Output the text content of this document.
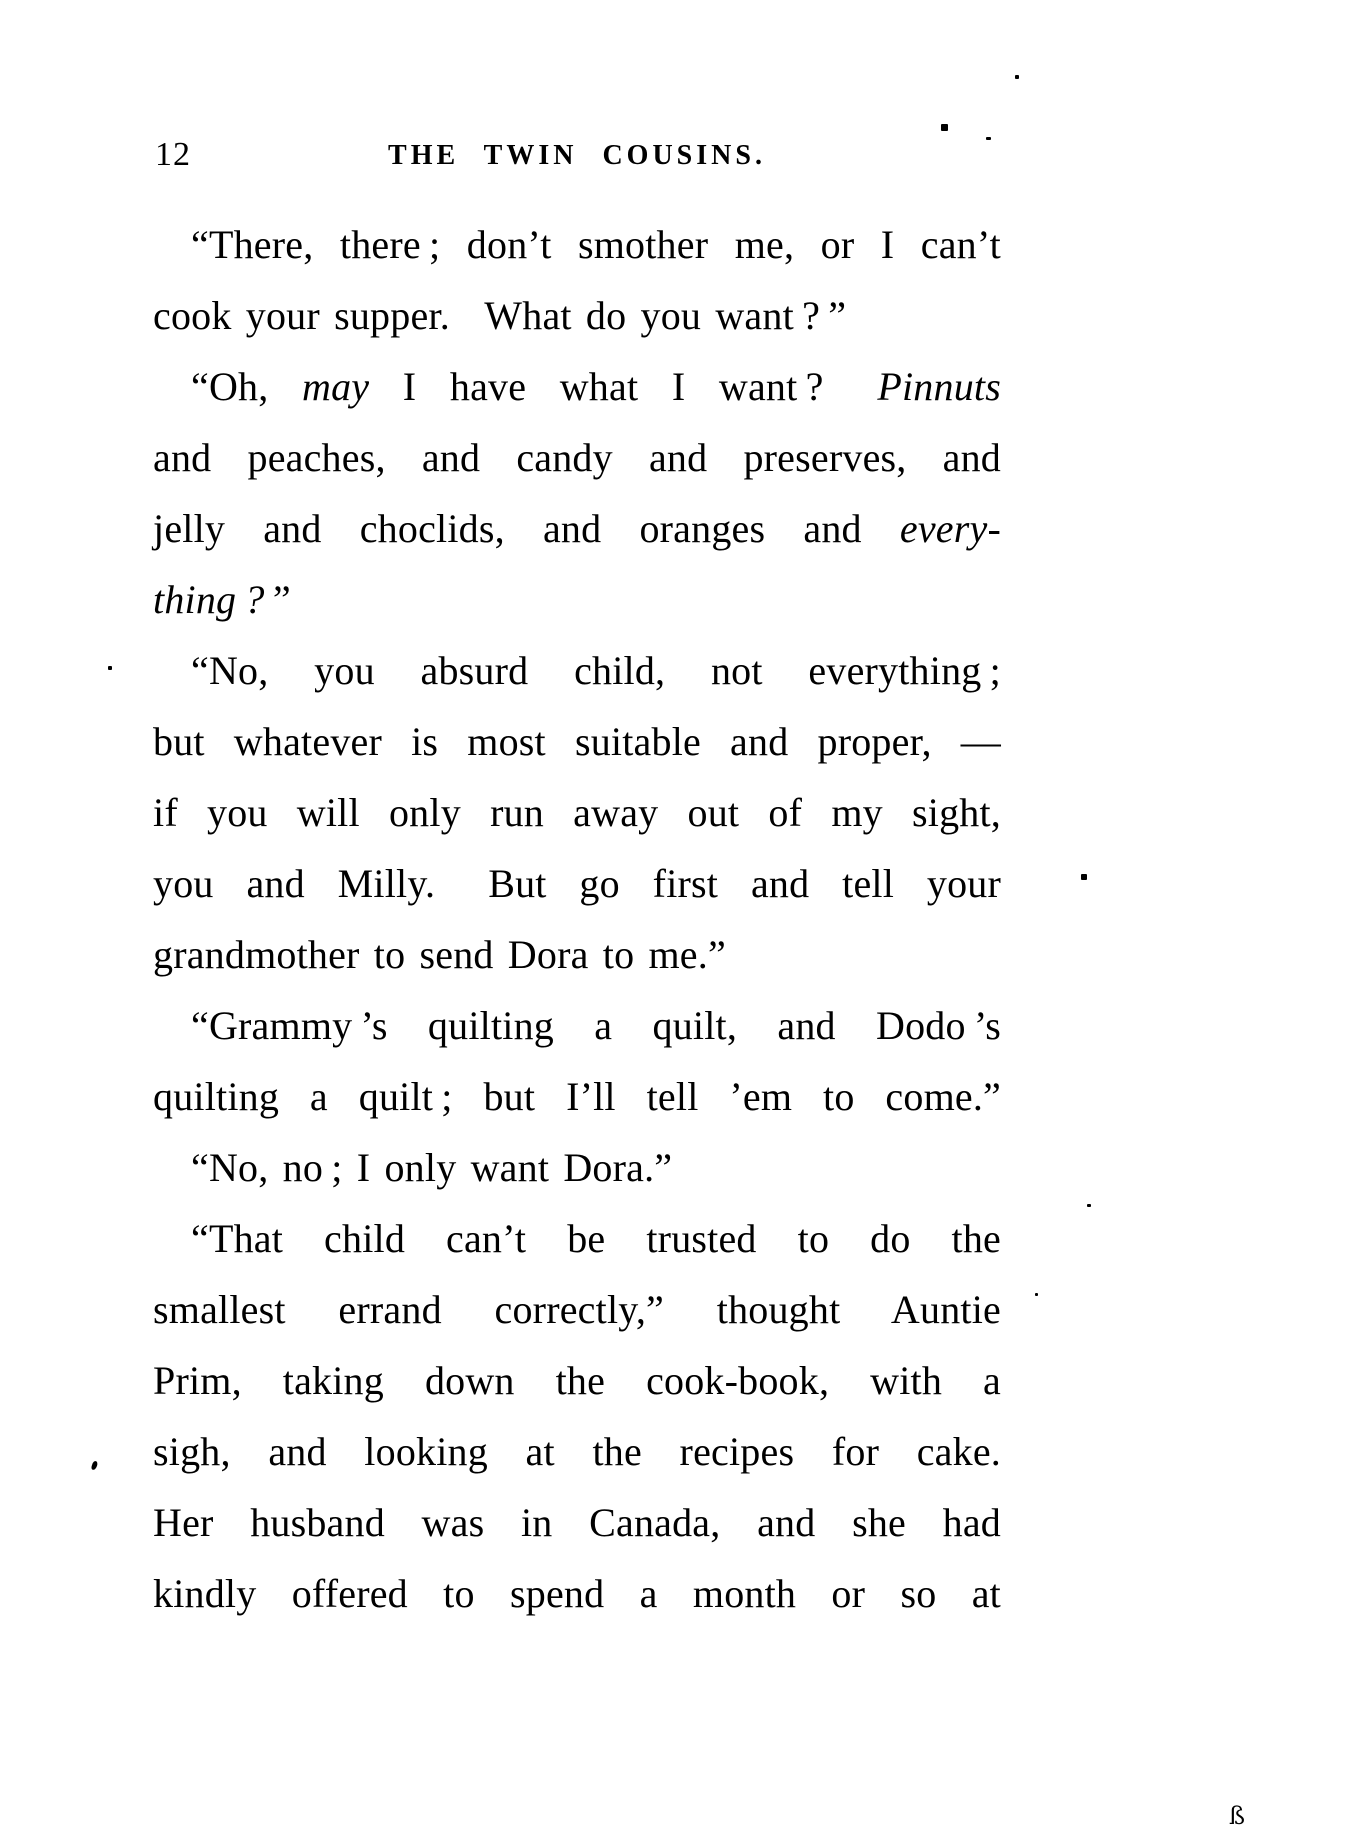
12	THE TWIN COUSINS.
“There, there ; don’t smother me, or I can’t
cook your supper.  What do you want ? ”
“Oh, may I have what I want ?  Pinnuts
and peaches, and candy and preserves, and
jelly and choclids, and oranges and every-
thing ? ”
“No, you absurd child, not everything ;
but whatever is most suitable and proper, —
if you will only run away out of my sight,
you and Milly.  But go first and tell your
grandmother to send Dora to me.”
“Grammy ’s quilting a quilt, and Dodo ’s
quilting a quilt ; but I’ll tell ’em to come.”
“No, no ; I only want Dora.”
“That child can’t be trusted to do the
smallest errand correctly,” thought Auntie
Prim, taking down the cook-book, with a
sigh, and looking at the recipes for cake.
Her husband was in Canada, and she had
kindly offered to spend a month or so at
ß
